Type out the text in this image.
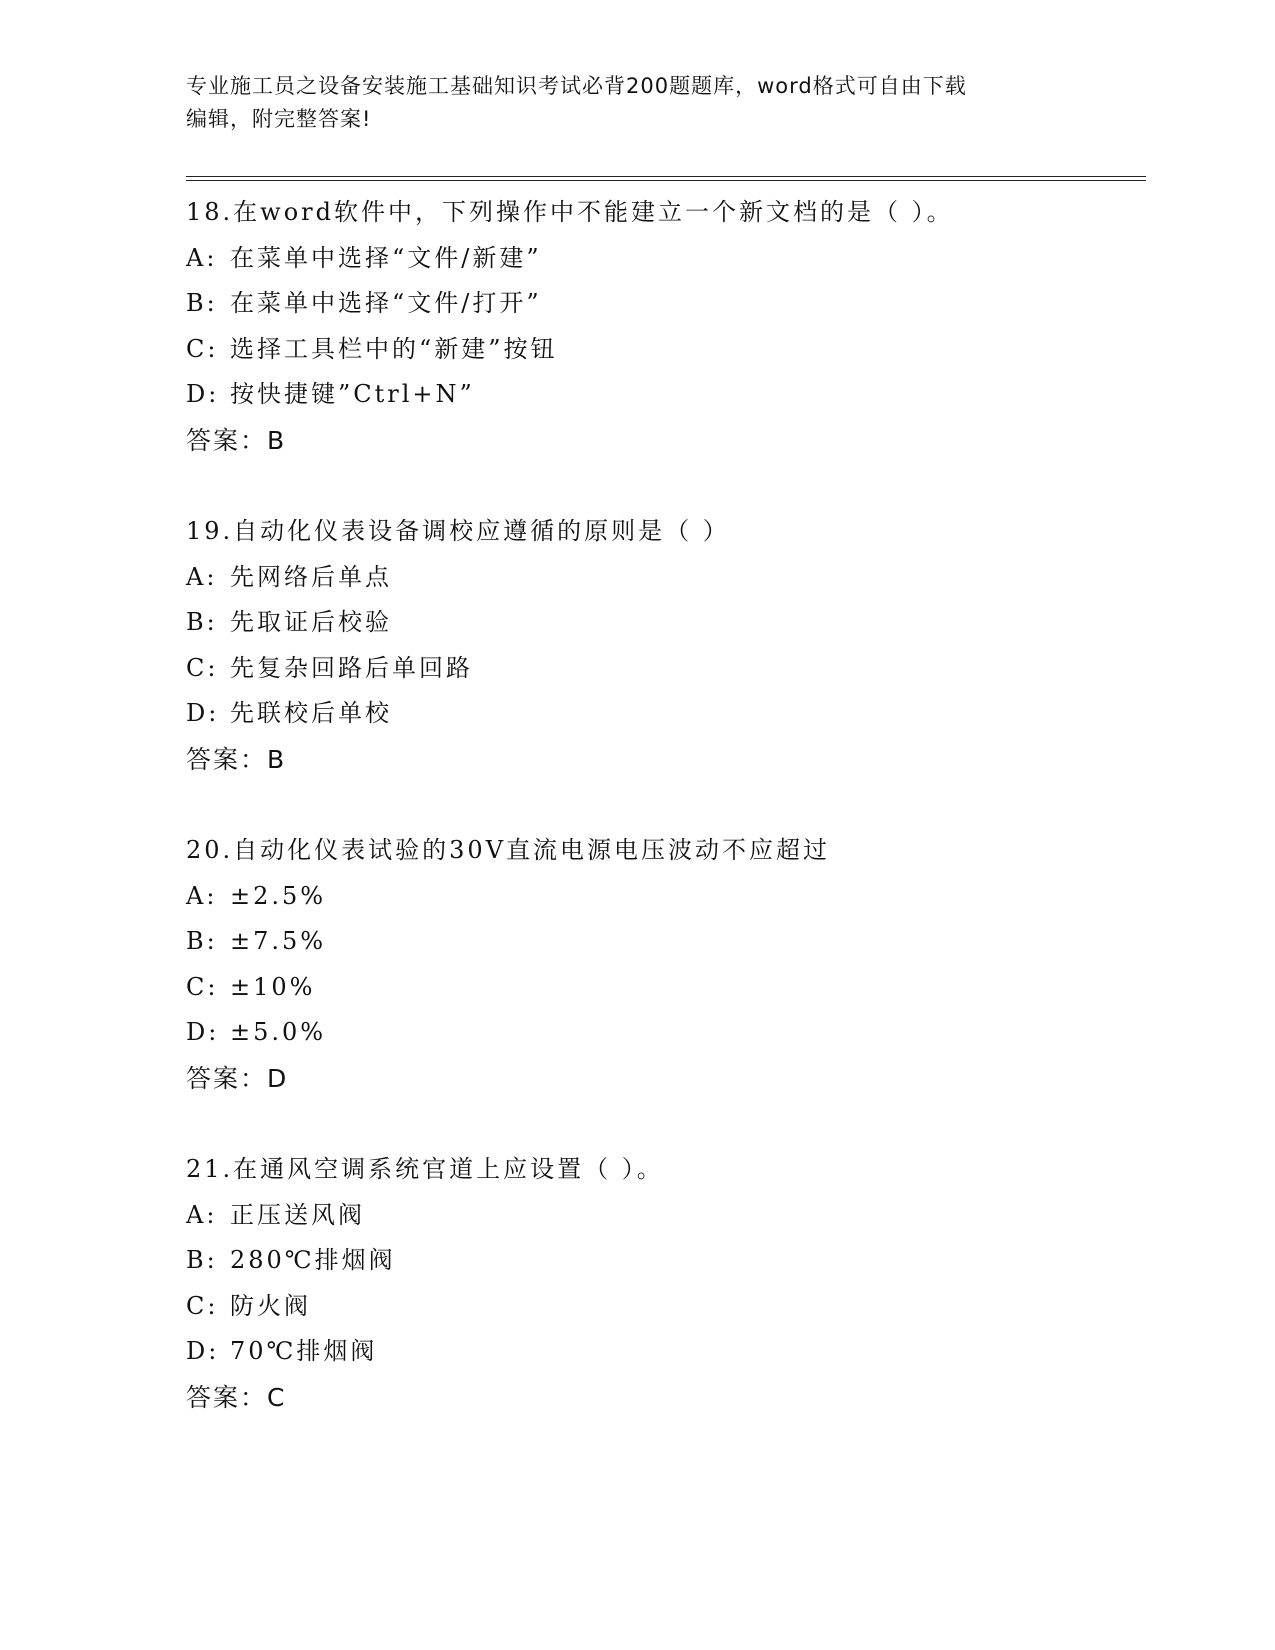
专业施工员之设备安装施工基础知识考试必背200题题库，word格式可自由下载
编辑，附完整答案!
18.在word软件中，下列操作中不能建立一个新文档的是（ ）。
A: 在菜单中选择“文件/新建”
B: 在菜单中选择“文件/打开”
C: 选择工具栏中的“新建”按钮
D: 按快捷键”Ctrl+N”
答案：B
19.自动化仪表设备调校应遵循的原则是（ ）
A: 先网络后单点
B: 先取证后校验
C: 先复杂回路后单回路
D: 先联校后单校
答案：B
20.自动化仪表试验的30V直流电源电压波动不应超过
A: ±2.5%
B: ±7.5%
C: ±10%
D: ±5.0%
答案：D
21.在通风空调系统官道上应设置（ ）。
A: 正压送风阀
B: 280℃排烟阀
C: 防火阀
D: 70℃排烟阀
答案：C
